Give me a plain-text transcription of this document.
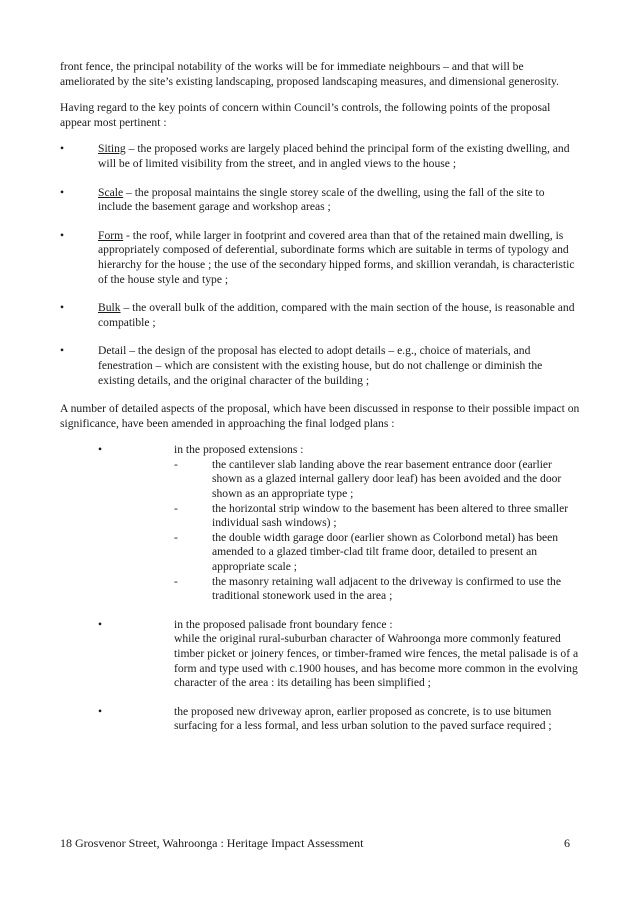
front fence, the principal notability of the works will be for immediate neighbours – and that will be ameliorated by the site’s existing landscaping, proposed landscaping measures, and dimensional generosity.

Having regard to the key points of concern within Council’s controls, the following points of the proposal appear most pertinent :

•	Siting – the proposed works are largely placed behind the principal form of the existing dwelling, and will be of limited visibility from the street, and in angled views to the house ;
•	Scale – the proposal maintains the single storey scale of the dwelling, using the fall of the site to include the basement garage and workshop areas ;
•	Form - the roof, while larger in footprint and covered area than that of the retained main dwelling, is appropriately composed of deferential, subordinate forms which are suitable in terms of typology and hierarchy for the house ; the use of the secondary hipped forms, and skillion verandah, is characteristic of the house style and type ;
•	Bulk – the overall bulk of the addition, compared with the main section of the house, is reasonable and compatible ;
•	Detail – the design of the proposal has elected to adopt details – e.g., choice of materials, and fenestration – which are consistent with the existing house, but do not challenge or diminish the existing details, and the original character of the building ;

A number of detailed aspects of the proposal, which have been discussed in response to their possible impact on significance, have been amended in approaching the final lodged plans :

•	in the proposed extensions :

-	the cantilever slab landing above the rear basement entrance door (earlier shown as a glazed internal gallery door leaf) has been avoided and the door shown as an appropriate type ;
-	the horizontal strip window to the basement has been altered to three smaller individual sash windows) ;
-	the double width garage door (earlier shown as Colorbond metal) has been amended to a glazed timber-clad tilt frame door, detailed to present an appropriate scale ;
-	the masonry retaining wall adjacent to the driveway is confirmed to use the traditional stonework used in the area ;
•	in the proposed palisade front boundary fence :

while the original rural-suburban character of Wahroonga more commonly featured timber picket or joinery fences, or timber-framed wire fences, the metal palisade is of a form and type used with c.1900 houses, and has become more common in the evolving character of the area : its detailing has been simplified ;

•	the proposed new driveway apron, earlier proposed as concrete, is to use bitumen surfacing for a less formal, and less urban solution to the paved surface required ;

18 Grosvenor Street, Wahroonga : Heritage Impact Assessment	6
